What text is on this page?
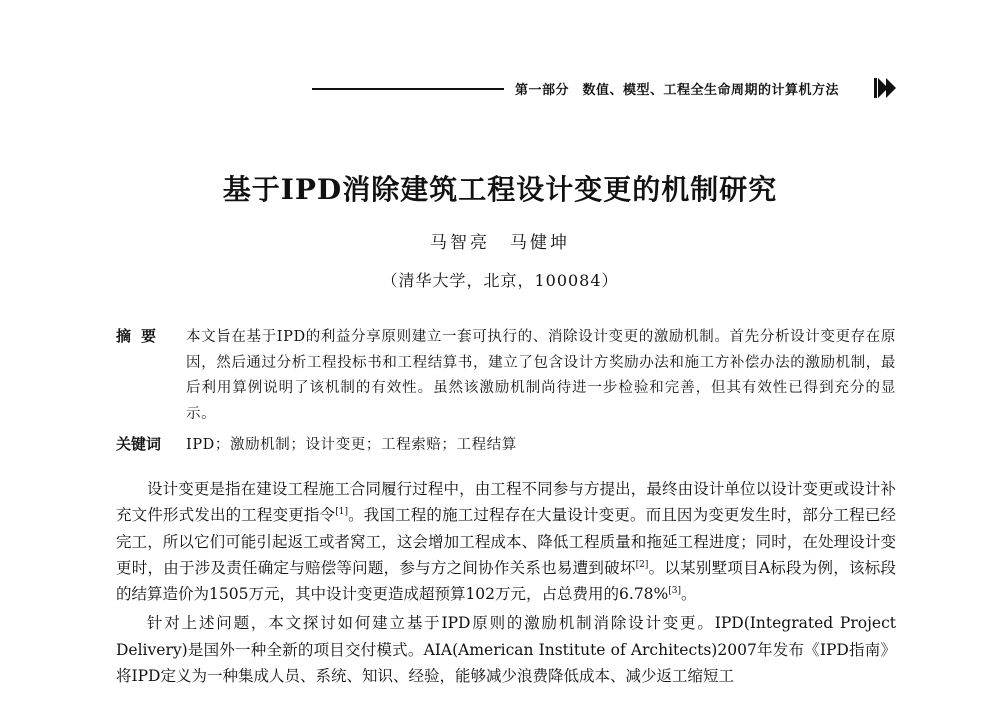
第一部分　数值、模型、工程全生命周期的计算机方法
基于IPD消除建筑工程设计变更的机制研究
马智亮　马健坤
（清华大学，北京，100084）
摘要 本文旨在基于IPD的利益分享原则建立一套可执行的、消除设计变更的激励机制。首先分析设计变更存在原因，然后通过分析工程投标书和工程结算书，建立了包含设计方奖励办法和施工方补偿办法的激励机制，最后利用算例说明了该机制的有效性。虽然该激励机制尚待进一步检验和完善，但其有效性已得到充分的显示。
关键词 IPD；激励机制；设计变更；工程索赔；工程结算

设计变更是指在建设工程施工合同履行过程中，由工程不同参与方提出，最终由设计单位以设计变更或设计补充文件形式发出的工程变更指令[1]。我国工程的施工过程存在大量设计变更。而且因为变更发生时，部分工程已经完工，所以它们可能引起返工或者窝工，这会增加工程成本、降低工程质量和拖延工程进度；同时，在处理设计变更时，由于涉及责任确定与赔偿等问题，参与方之间协作关系也易遭到破坏[2]。以某别墅项目A标段为例，该标段的结算造价为1505万元，其中设计变更造成超预算102万元，占总费用的6.78%[3]。

针对上述问题，本文探讨如何建立基于IPD原则的激励机制消除设计变更。IPD(Integrated Project Delivery)是国外一种全新的项目交付模式。AIA(American Institute of Architects)2007年发布《IPD指南》将IPD定义为一种集成人员、系统、知识、经验，能够减少浪费降低成本、减少返工缩短工
